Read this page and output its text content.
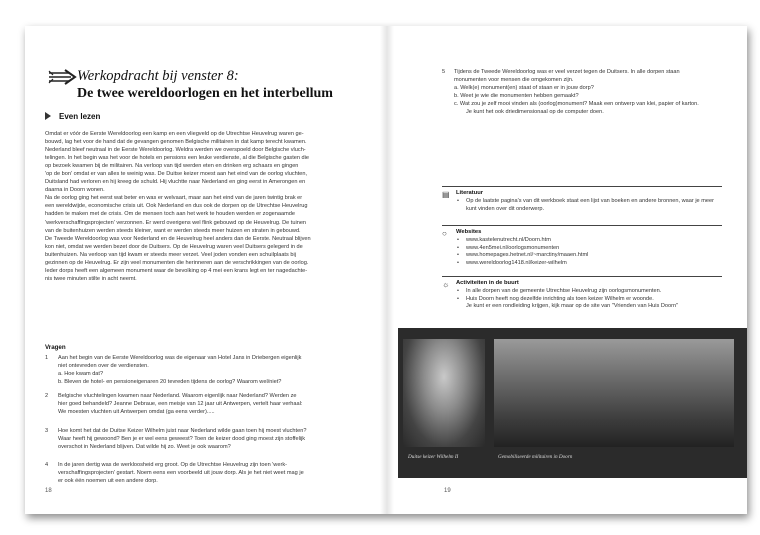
Werkopdracht bij venster 8:
De twee wereldoorlogen en het interbellum
Even lezen

Omdat er vóór de Eerste Wereldoorlog een kamp en een vliegveld op de Utrechtse Heuvelrug waren ge-

bouwd, lag het voor de hand dat de gevangen genomen Belgische militairen in dat kamp terecht kwamen.

Nederland bleef neutraal in de Eerste Wereldoorlog. Weldra werden we overspoeld door Belgische vluch-

telingen. In het begin was het voor de hotels en pensions een leuke verdienste, al die Belgische gasten die

op bezoek kwamen bij de militairen. Na verloop van tijd werden eten en drinken erg schaars en gingen

'op de bon' omdat er van alles te weinig was. De Duitse keizer moest aan het eind van de oorlog vluchten,

Duitsland had verloren en hij kreeg de schuld. Hij vluchtte naar Nederland en ging eerst in Amerongen en

daarna in Doorn wonen.

Na de oorlog ging het eerst wat beter en was er welvaart, maar aan het eind van de jaren twintig brak er

een wereldwijde, economische crisis uit. Ook Nederland en dus ook de dorpen op de Utrechtse Heuvelrug

hadden te maken met de crisis. Om de mensen toch aan het werk te houden werden er zogenaamde

'werkverschaffingsprojecten' verzonnen. Er werd overigens wel flink gebouwd op de Heuvelrug. De tuinen

van de buitenhuizen werden steeds kleiner, want er werden steeds meer huizen en straten in gebouwd.

De Tweede Wereldoorlog was voor Nederland en de Heuvelrug heel anders dan de Eerste. Neutraal blijven

kon niet, omdat we werden bezet door de Duitsers. Op de Heuvelrug waren veel Duitsers gelegerd in de

buitenhuizen. Na verloop van tijd kwam er steeds meer verzet. Veel joden vonden een schuilplaats bij

gezinnen op de Heuvelrug. Er zijn veel monumenten die herinneren aan de verschrikkingen van de oorlog.

Ieder dorps heeft een algemeen monument waar de bevolking op 4 mei een krans legt en ter nagedachte-

nis twee minuten stilte in acht neemt.

Vragen
1 Aan het begin van de Eerste Wereldoorlog was de eigenaar van Hotel Jans in Driebergen eigenlijk
niet ontevreden over de verdiensten.
a. Hoe kwam dat?
b. Bleven de hotel- en pensioneigenaren 20 tevreden tijdens de oorlog? Waarom wel/niet?
2 Belgische vluchtelingen kwamen naar Nederland. Waarom eigenlijk naar Nederland? Werden ze
hier goed behandeld? Jeanne Debraue, een meisje van 12 jaar uit Antwerpen, vertelt haar verhaal:
We moesten vluchten uit Antwerpen omdat (ga eens verder).....
3 Hoe komt het dat de Duitse Keizer Wilhelm juist naar Nederland wilde gaan toen hij moest vluchten?
Waar heeft hij gewoond? Ben je er wel eens geweest? Toen de keizer dood ging moest zijn stoffelijk
overschot in Nederland blijven. Dat wilde hij zo. Weet je ook waarom?
4 In de jaren dertig was de werkloosheid erg groot. Op de Utrechtse Heuvelrug zijn toen 'werk-
verschaffingsprojecten' gestart. Noem eens een voorbeeld uit jouw dorp. Als je het niet weet mag je
er ook één noemen uit een andere dorp.
18
5 Tijdens de Tweede Wereldoorlog was er veel verzet tegen de Duitsers. In alle dorpen staan
monumenten voor mensen die omgekomen zijn.
a. Welk(e) monument(en) staat of staan er in jouw dorp?
b. Weet je wie die monumenten hebben gemaakt?
c. Wat zou je zelf mooi vinden als (oorlog)monument? Maak een ontwerp van klei, papier of karton.
Je kunt het ook driedimensionaal op de computer doen.
▤ Literatuur
• Op de laatste pagina's van dit werkboek staat een lijst van boeken en andere bronnen, waar je meer
kunt vinden over dit onderwerp.
○ Websites
• www.kastelenutrecht.nl/Doorn.htm
• www.4en5mei.nl/oorlogsmonumenten
• www.homepages.hetnet.nl/~marctiny/maaen.html
• www.wereldoorlog1418.nl/keizer-wilhelm
☼ Activiteiten in de buurt
• In alle dorpen van de gemeente Utrechtse Heuvelrug zijn oorlogsmonumenten.
• Huis Doorn heeft nog dezelfde inrichting als toen keizer Wilhelm er woonde.
Je kunt er een rondleiding krijgen, kijk maar op de site van "Vrienden van Huis Doorn"
Duitse keizer Wilhelm II	Gemobiliseerde militairen in Doorn
19
